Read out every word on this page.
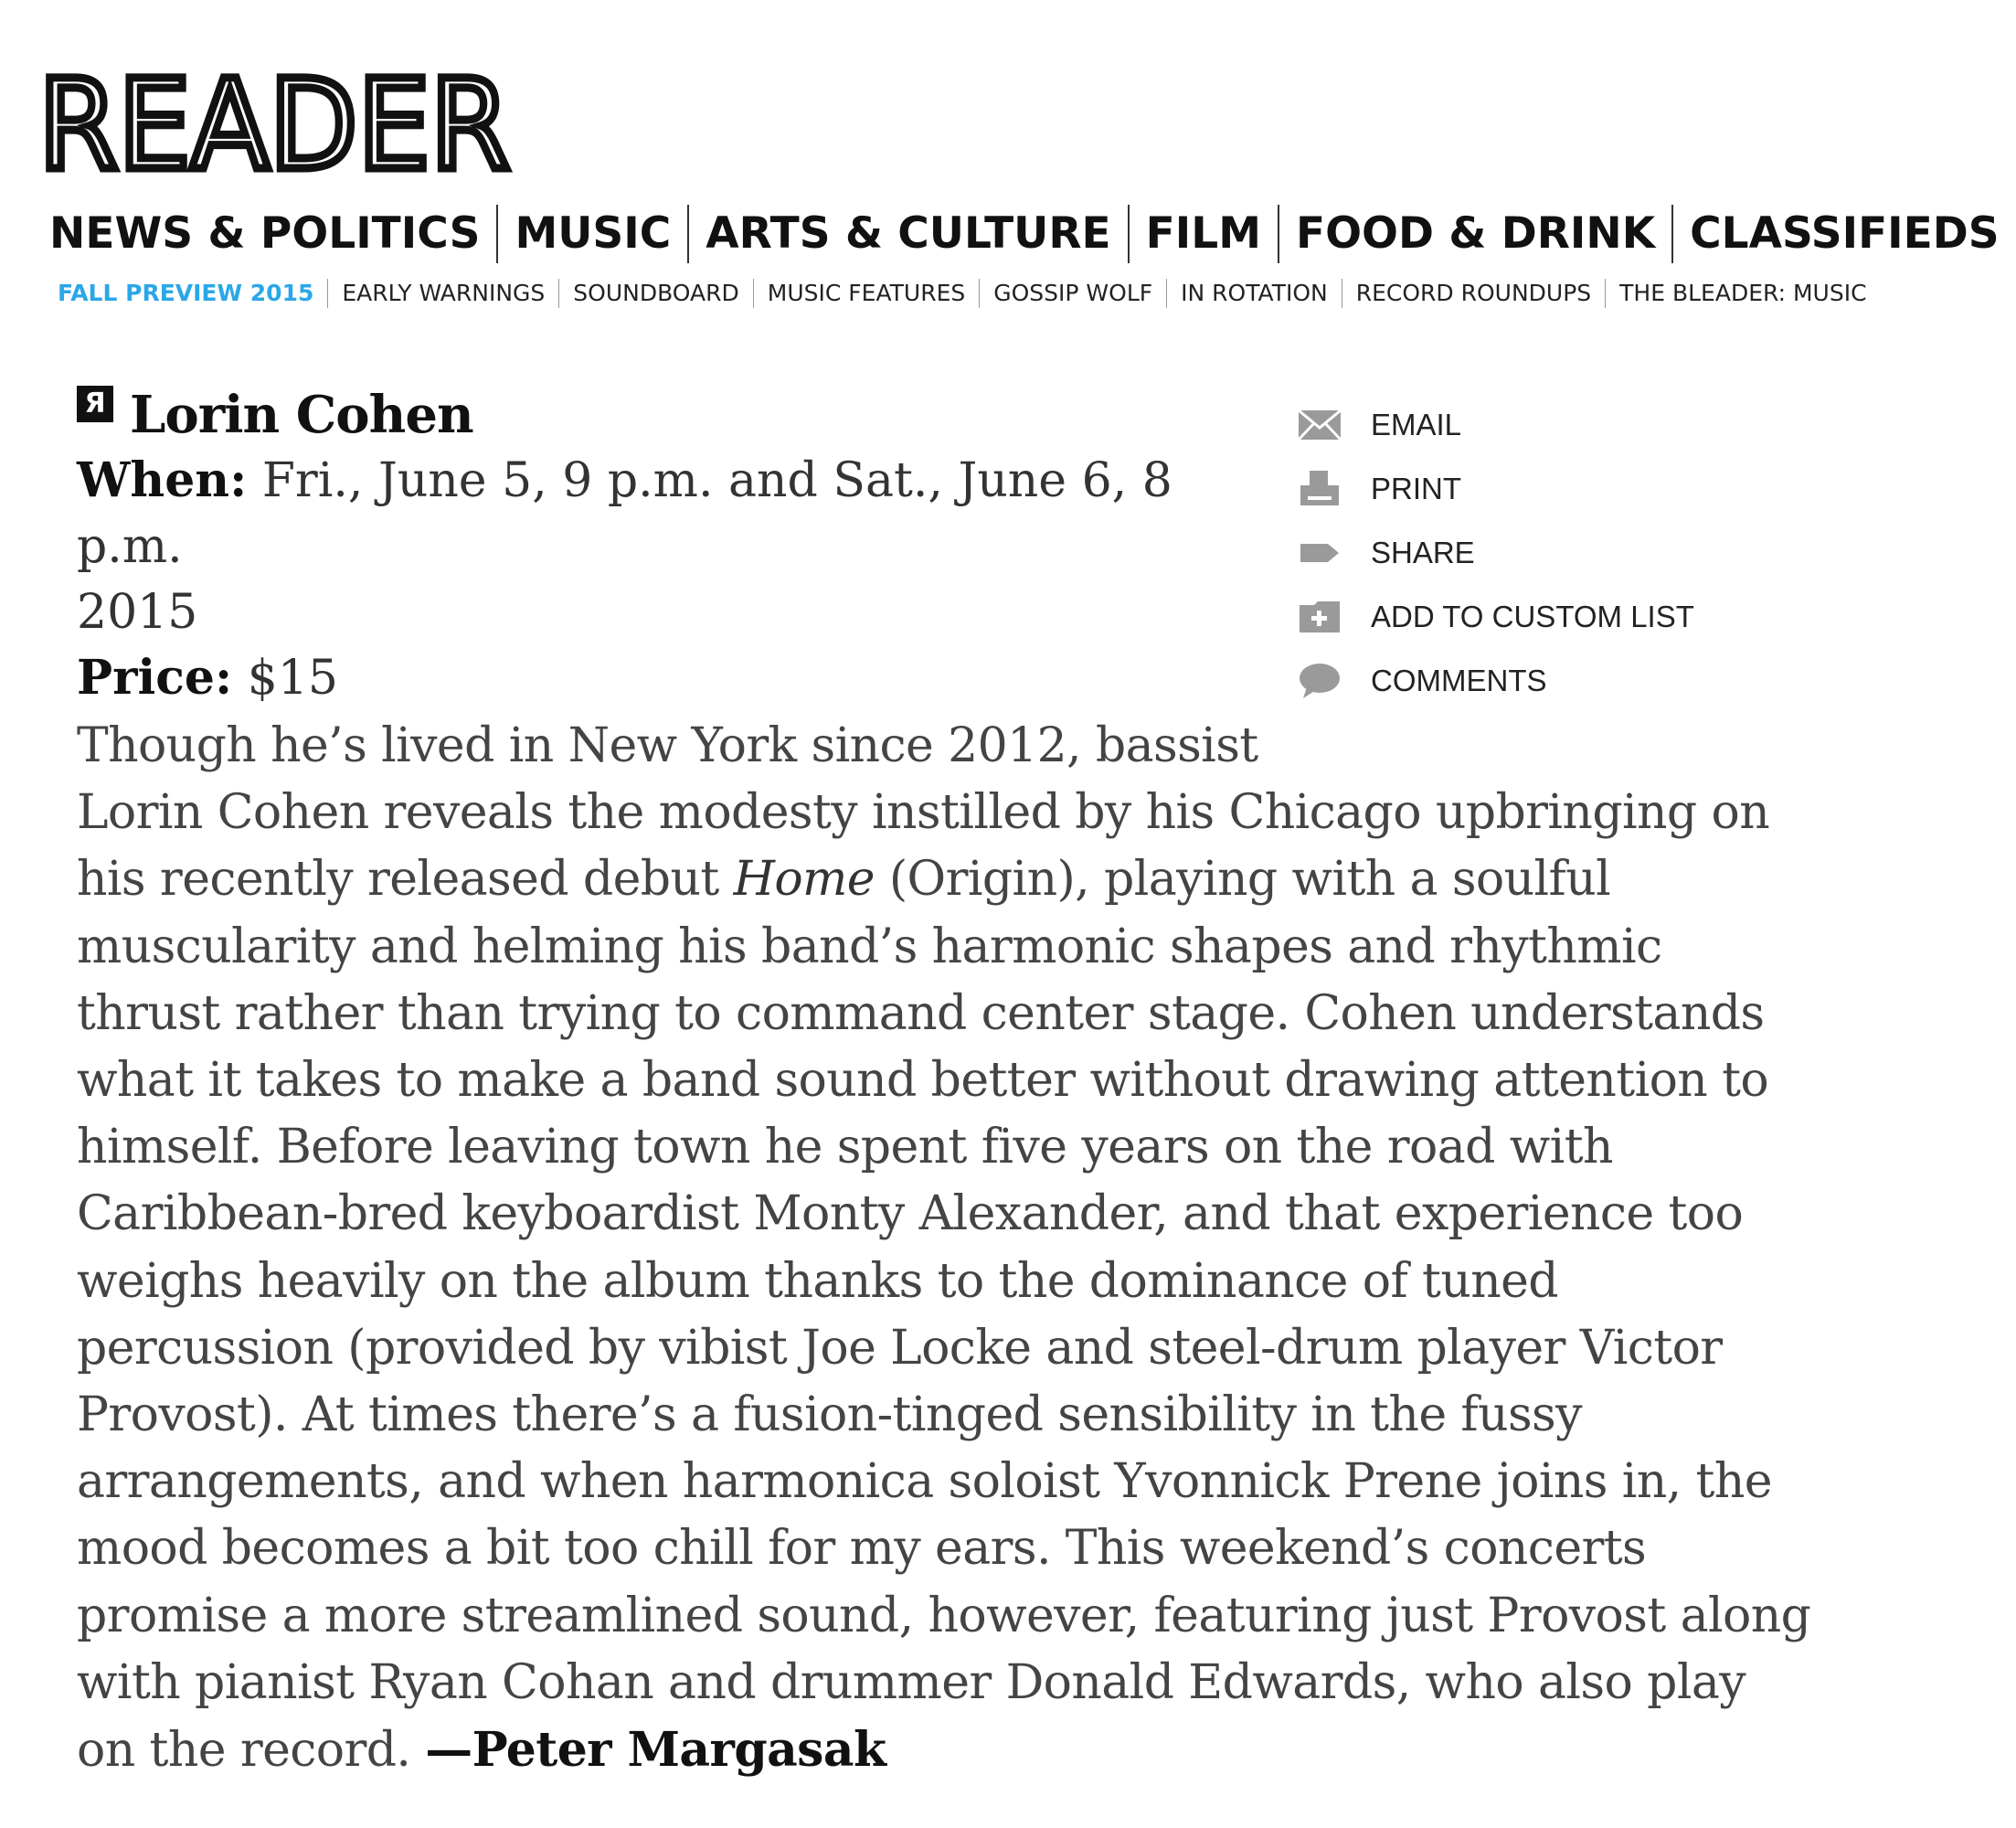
READER
NEWS & POLITICS MUSIC ARTS & CULTURE FILM FOOD & DRINK CLASSIFIEDS
FALL PREVIEW 2015	EARLY WARNINGS	SOUNDBOARD	MUSIC FEATURES	GOSSIP WOLF	IN ROTATION	RECORD ROUNDUPS	THE BLEADER: MUSIC
Я Lorin Cohen
When: Fri., June 5, 9 p.m. and Sat., June 6, 8 p.m.
2015
Price: $15
EMAIL
PRINT
SHARE
ADD TO CUSTOM LIST
COMMENTS
Though he’s lived in New York since 2012, bassist
Lorin Cohen reveals the modesty instilled by his Chicago upbringing on
his recently released debut Home (Origin), playing with a soulful
muscularity and helming his band’s harmonic shapes and rhythmic
thrust rather than trying to command center stage. Cohen understands
what it takes to make a band sound better without drawing attention to
himself. Before leaving town he spent five years on the road with
Caribbean-bred keyboardist Monty Alexander, and that experience too
weighs heavily on the album thanks to the dominance of tuned
percussion (provided by vibist Joe Locke and steel-drum player Victor
Provost). At times there’s a fusion-tinged sensibility in the fussy
arrangements, and when harmonica soloist Yvonnick Prene joins in, the
mood becomes a bit too chill for my ears. This weekend’s concerts
promise a more streamlined sound, however, featuring just Provost along
with pianist Ryan Cohan and drummer Donald Edwards, who also play
on the record. —Peter Margasak
